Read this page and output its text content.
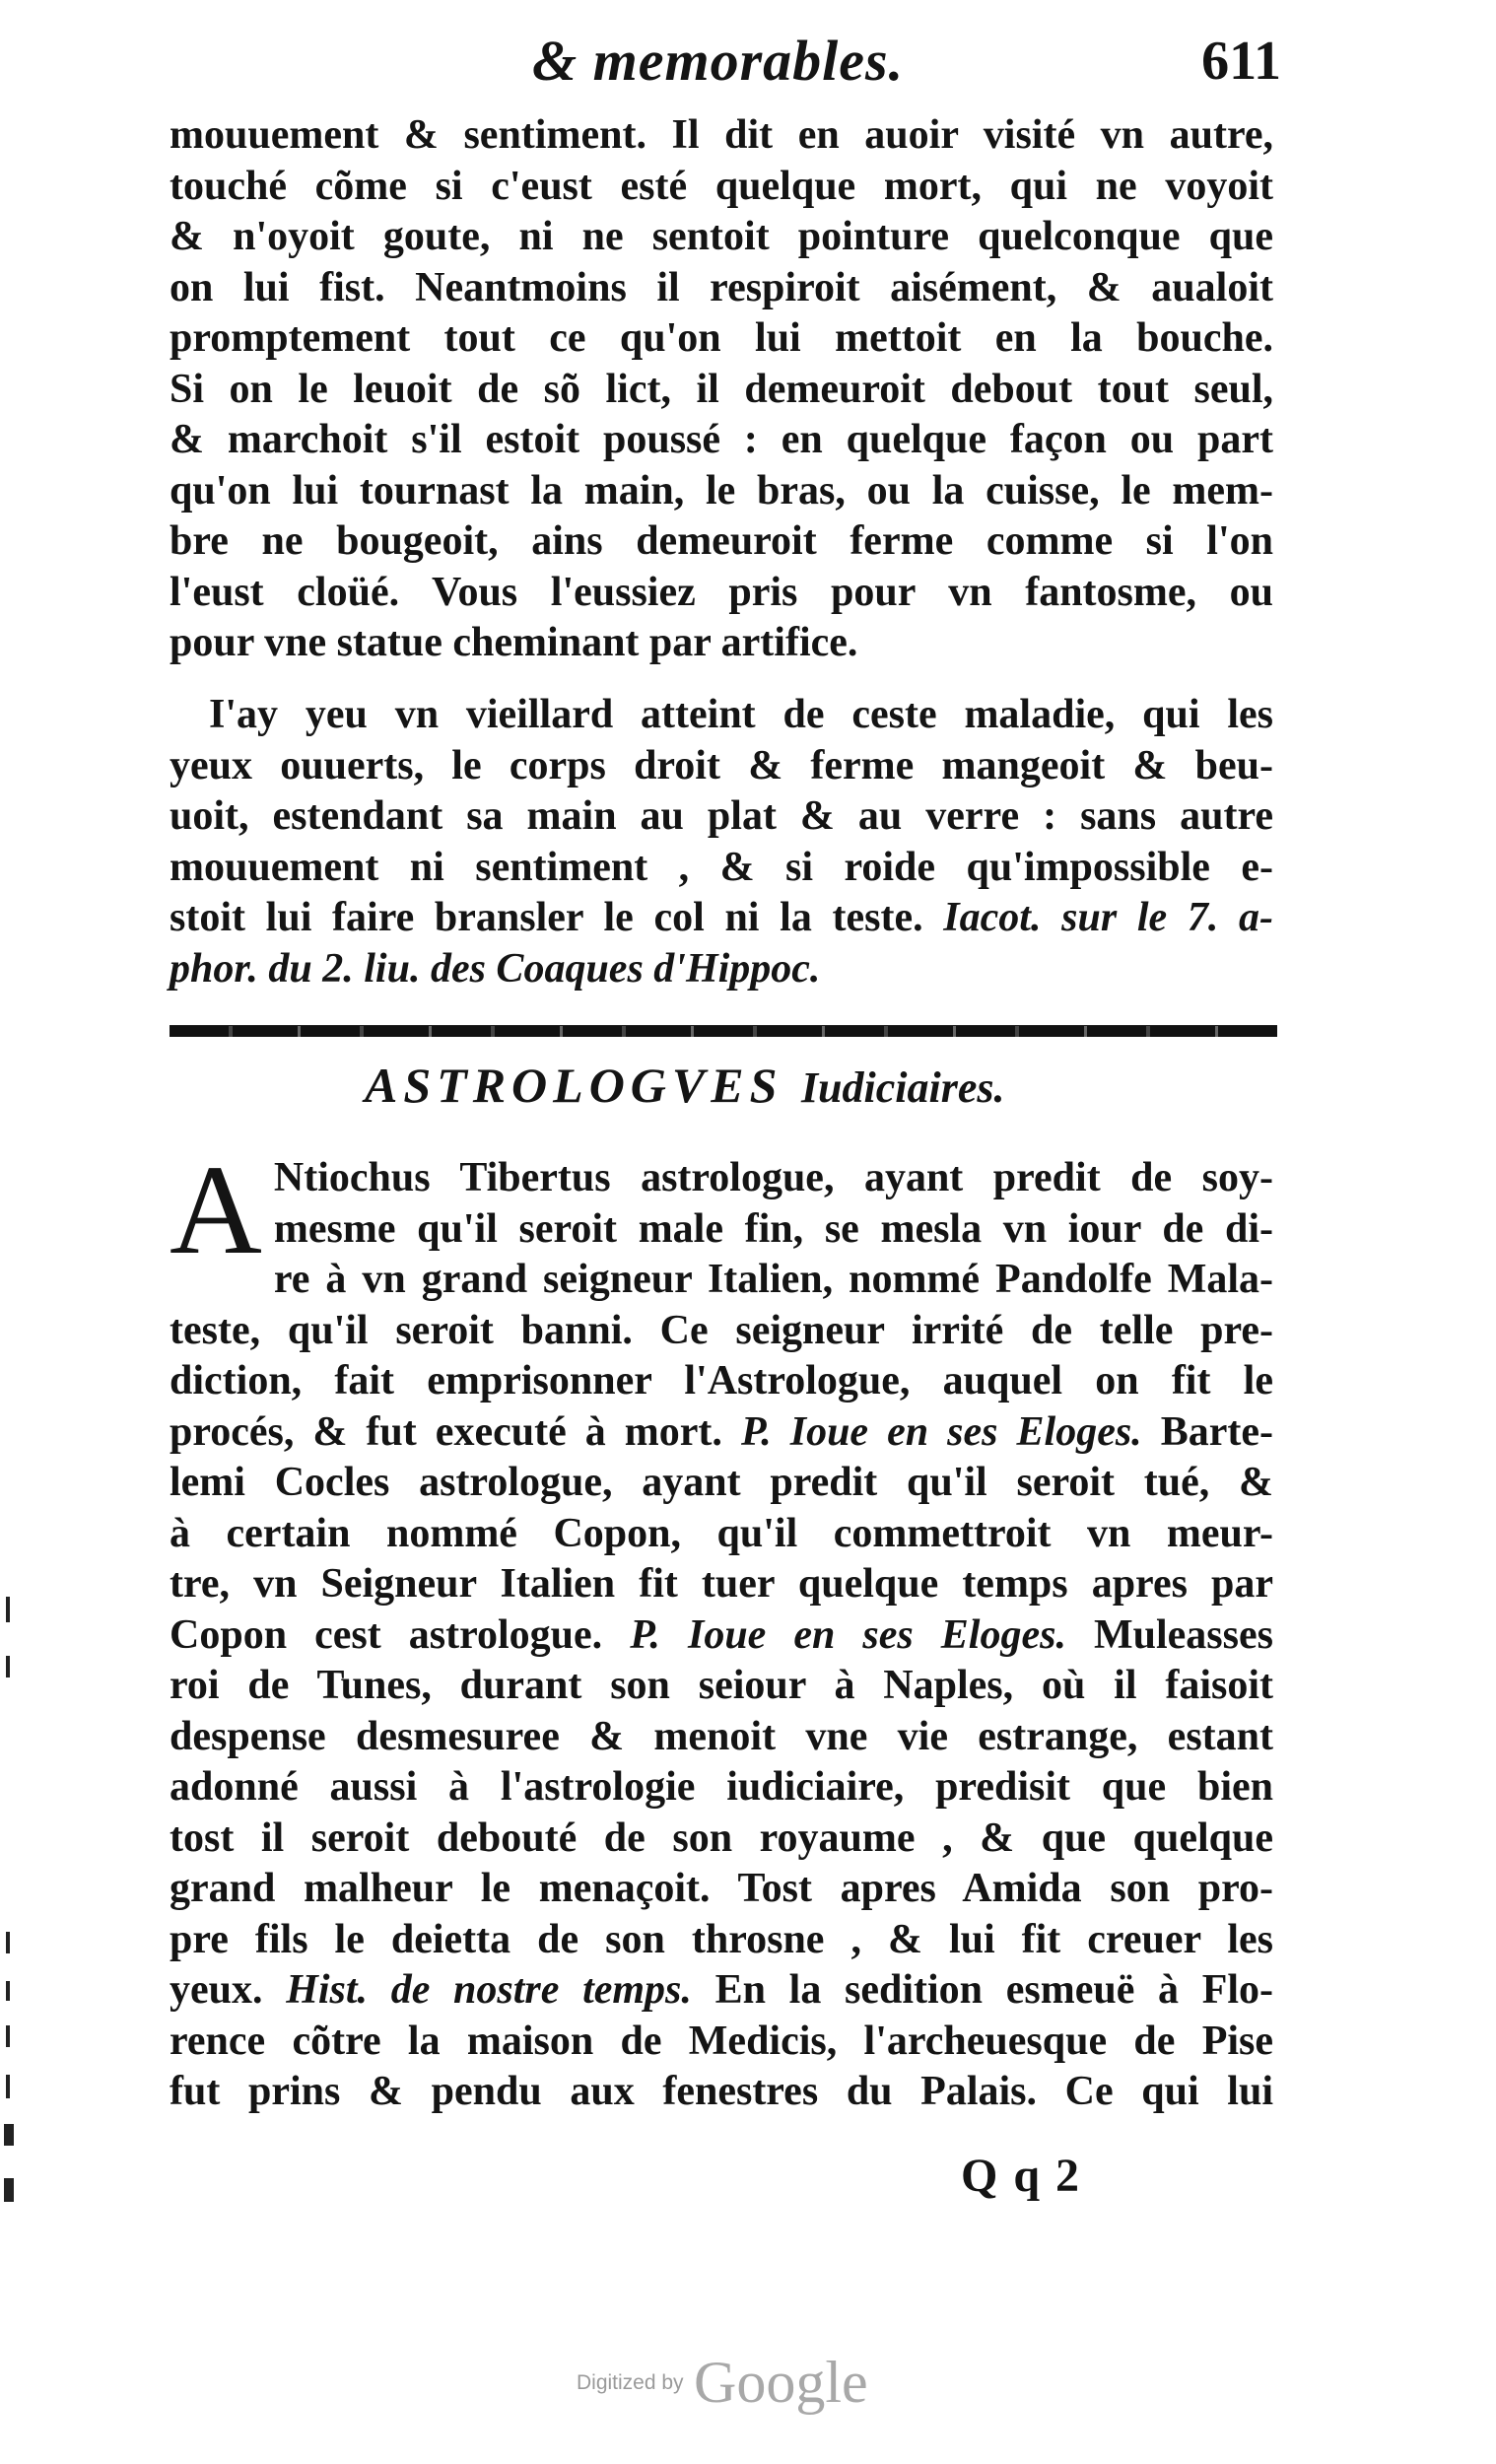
& memorables.	611
mouuement & sentiment. Il dit en auoir visité vn autre,
touché cõme si c'eust esté quelque mort, qui ne voyoit
& n'oyoit goute, ni ne sentoit pointure quelconque que
on lui fist. Neantmoins il respiroit aisément, & aualoit
promptement tout ce qu'on lui mettoit en la bouche.
Si on le leuoit de sõ lict, il demeuroit debout tout seul,
& marchoit s'il estoit poussé : en quelque façon ou part
qu'on lui tournast la main, le bras, ou la cuisse, le mem-
bre ne bougeoit, ains demeuroit ferme comme si l'on
l'eust cloüé. Vous l'eussiez pris pour vn fantosme, ou
pour vne statue cheminant par artifice.
I'ay yeu vn vieillard atteint de ceste maladie, qui les
yeux ouuerts, le corps droit & ferme mangeoit & beu-
uoit, estendant sa main au plat & au verre : sans autre
mouuement ni sentiment , & si roide qu'impossible e-
stoit lui faire bransler le col ni la teste. Iacot. sur le 7. a-
phor. du 2. liu. des Coaques d'Hippoc.
ASTROLOGVES Iudiciaires.
A Ntiochus Tibertus astrologue, ayant predit de soy-
mesme qu'il seroit male fin, se mesla vn iour de di-
re à vn grand seigneur Italien, nommé Pandolfe Mala-
teste, qu'il seroit banni. Ce seigneur irrité de telle pre-
diction, fait emprisonner l'Astrologue, auquel on fit le
procés, & fut executé à mort. P. Ioue en ses Eloges. Barte-
lemi Cocles astrologue, ayant predit qu'il seroit tué, &
à certain nommé Copon, qu'il commettroit vn meur-
tre, vn Seigneur Italien fit tuer quelque temps apres par
Copon cest astrologue. P. Ioue en ses Eloges. Muleasses
roi de Tunes, durant son seiour à Naples, où il faisoit
despense desmesuree & menoit vne vie estrange, estant
adonné aussi à l'astrologie iudiciaire, predisit que bien
tost il seroit debouté de son royaume , & que quelque
grand malheur le menaçoit. Tost apres Amida son pro-
pre fils le deietta de son throsne , & lui fit creuer les
yeux. Hist. de nostre temps. En la sedition esmeuë à Flo-
rence cõtre la maison de Medicis, l'archeuesque de Pise
fut prins & pendu aux fenestres du Palais. Ce qui lui
Q q 2
Digitized by Google
